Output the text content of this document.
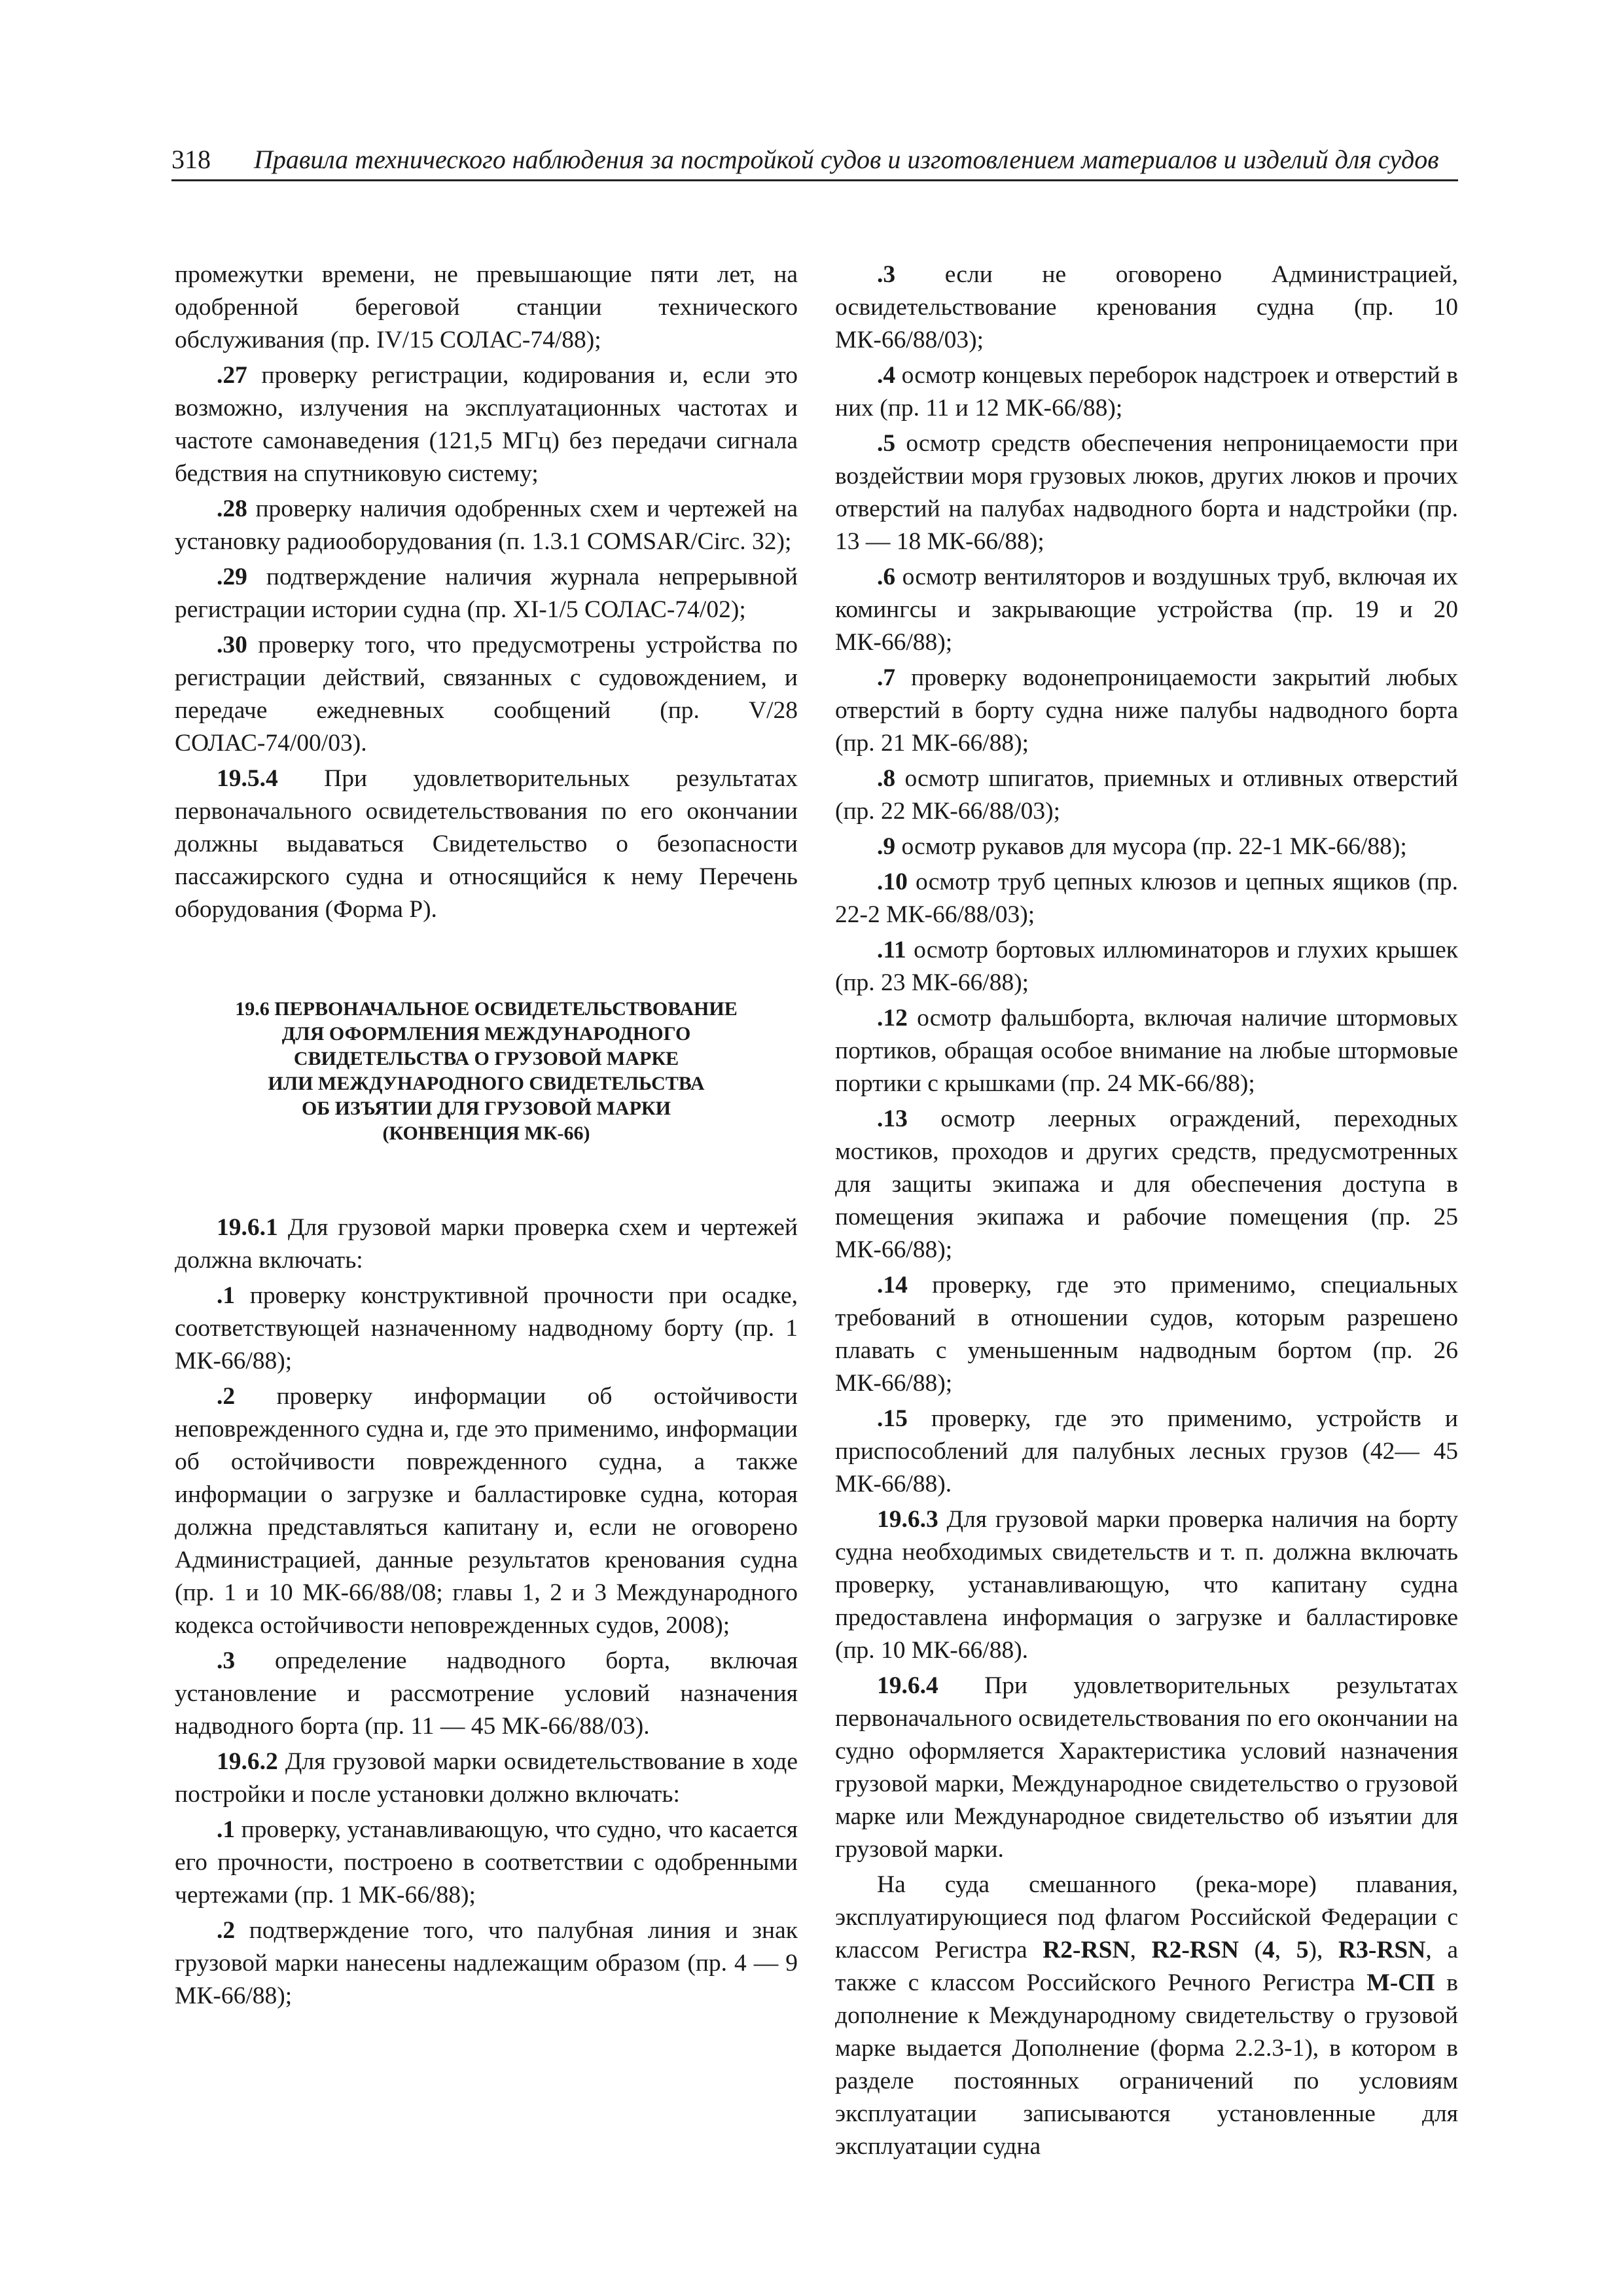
318 Правила технического наблюдения за постройкой судов и изготовлением материалов и изделий для судов

промежутки времени, не превышающие пяти лет, на одобренной береговой станции технического обслуживания (пр. IV/15 СОЛАС-74/88);

.27 проверку регистрации, кодирования и, если это возможно, излучения на эксплуатационных частотах и частоте самонаведения (121,5 МГц) без передачи сигнала бедствия на спутниковую систему;

.28 проверку наличия одобренных схем и чертежей на установку радиооборудования (п. 1.3.1 COMSAR/Circ. 32);

.29 подтверждение наличия журнала непрерывной регистрации истории судна (пр. XI-1/5 СОЛАС-74/02);

.30 проверку того, что предусмотрены устройства по регистрации действий, связанных с судовождением, и передаче ежедневных сообщений (пр. V/28 СОЛАС-74/00/03).

19.5.4 При удовлетворительных результатах первоначального освидетельствования по его окончании должны выдаваться Свидетельство о безопасности пассажирского судна и относящийся к нему Перечень оборудования (Форма Р).

19.6 ПЕРВОНАЧАЛЬНОЕ ОСВИДЕТЕЛЬСТВОВАНИЕ
ДЛЯ ОФОРМЛЕНИЯ МЕЖДУНАРОДНОГО
СВИДЕТЕЛЬСТВА О ГРУЗОВОЙ МАРКЕ
ИЛИ МЕЖДУНАРОДНОГО СВИДЕТЕЛЬСТВА
ОБ ИЗЪЯТИИ ДЛЯ ГРУЗОВОЙ МАРКИ
(КОНВЕНЦИЯ МК-66)

19.6.1 Для грузовой марки проверка схем и чертежей должна включать:

.1 проверку конструктивной прочности при осадке, соответствующей назначенному надводному борту (пр. 1 МК-66/88);

.2 проверку информации об остойчивости неповрежденного судна и, где это применимо, информации об остойчивости поврежденного судна, а также информации о загрузке и балластировке судна, которая должна представляться капитану и, если не оговорено Администрацией, данные результатов кренования судна (пр. 1 и 10 МК-66/88/08; главы 1, 2 и 3 Международного кодекса остойчивости неповрежденных судов, 2008);

.3 определение надводного борта, включая установление и рассмотрение условий назначения надводного борта (пр. 11 — 45 МК-66/88/03).

19.6.2 Для грузовой марки освидетельствование в ходе постройки и после установки должно включать:

.1 проверку, устанавливающую, что судно, что касается его прочности, построено в соответствии с одобренными чертежами (пр. 1 МК-66/88);

.2 подтверждение того, что палубная линия и знак грузовой марки нанесены надлежащим образом (пр. 4 — 9 МК-66/88);

.3 если не оговорено Администрацией, освидетельствование кренования судна (пр. 10 МК-66/88/03);

.4 осмотр концевых переборок надстроек и отверстий в них (пр. 11 и 12 МК-66/88);

.5 осмотр средств обеспечения непроницаемости при воздействии моря грузовых люков, других люков и прочих отверстий на палубах надводного борта и надстройки (пр. 13 — 18 МК-66/88);

.6 осмотр вентиляторов и воздушных труб, включая их комингсы и закрывающие устройства (пр. 19 и 20 МК-66/88);

.7 проверку водонепроницаемости закрытий любых отверстий в борту судна ниже палубы надводного борта (пр. 21 МК-66/88);

.8 осмотр шпигатов, приемных и отливных отверстий (пр. 22 МК-66/88/03);

.9 осмотр рукавов для мусора (пр. 22-1 МК-66/88);

.10 осмотр труб цепных клюзов и цепных ящиков (пр. 22-2 МК-66/88/03);

.11 осмотр бортовых иллюминаторов и глухих крышек (пр. 23 МК-66/88);

.12 осмотр фальшборта, включая наличие штормовых портиков, обращая особое внимание на любые штормовые портики с крышками (пр. 24 МК-66/88);

.13 осмотр леерных ограждений, переходных мостиков, проходов и других средств, предусмотренных для защиты экипажа и для обеспечения доступа в помещения экипажа и рабочие помещения (пр. 25 МК-66/88);

.14 проверку, где это применимо, специальных требований в отношении судов, которым разрешено плавать с уменьшенным надводным бортом (пр. 26 МК-66/88);

.15 проверку, где это применимо, устройств и приспособлений для палубных лесных грузов (42— 45 МК-66/88).

19.6.3 Для грузовой марки проверка наличия на борту судна необходимых свидетельств и т. п. должна включать проверку, устанавливающую, что капитану судна предоставлена информация о загрузке и балластировке (пр. 10 МК-66/88).

19.6.4 При удовлетворительных результатах первоначального освидетельствования по его окончании на судно оформляется Характеристика условий назначения грузовой марки, Международное свидетельство о грузовой марке или Международное свидетельство об изъятии для грузовой марки.

На суда смешанного (река-море) плавания, эксплуатирующиеся под флагом Российской Федерации с классом Регистра R2-RSN, R2-RSN (4, 5), R3-RSN, а также с классом Российского Речного Регистра М-СП в дополнение к Международному свидетельству о грузовой марке выдается Дополнение (форма 2.2.3-1), в котором в разделе постоянных ограничений по условиям эксплуатации записываются установленные для эксплуатации судна
